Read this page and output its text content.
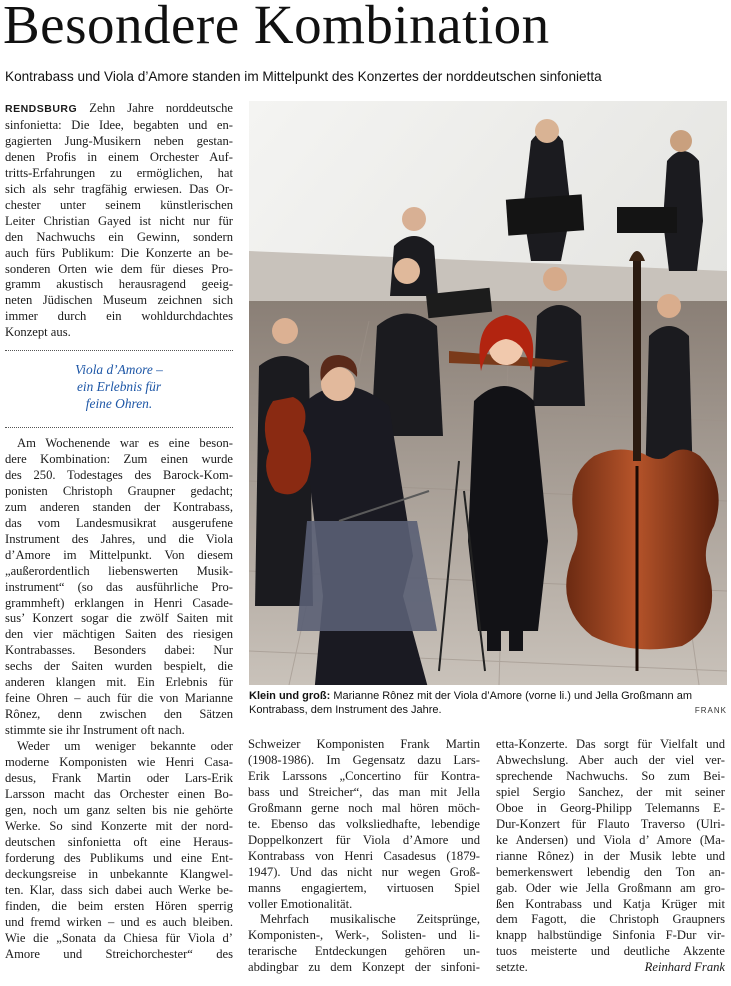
Besondere Kombination

Kontrabass und Viola d’Amore standen im Mittelpunkt des Konzertes der norddeutschen sinfonietta

RENDSBURG Zehn Jahre norddeutsche
sinfonietta: Die Idee, begabten und en-
gagierten Jung-Musikern neben gestan-
denen Profis in einem Orchester Auf-
tritts-Erfahrungen zu ermöglichen, hat
sich als sehr tragfähig erwiesen. Das Or-
chester unter seinem künstlerischen
Leiter Christian Gayed ist nicht nur für
den Nachwuchs ein Gewinn, sondern
auch fürs Publikum: Die Konzerte an be-
sonderen Orten wie dem für dieses Pro-
gramm akustisch herausragend geeig-
neten Jüdischen Museum zeichnen sich
immer durch ein wohldurchdachtes
Konzept aus.
Viola d’Amore –
ein Erlebnis für
feine Ohren.
Am Wochenende war es eine beson-
dere Kombination: Zum einen wurde
des 250. Todestages des Barock-Kom-
ponisten Christoph Graupner gedacht;
zum anderen standen der Kontrabass,
das vom Landesmusikrat ausgerufene
Instrument des Jahres, und die Viola
d’Amore im Mittelpunkt. Von diesem
„außerordentlich liebenswerten Musik-
instrument“ (so das ausführliche Pro-
grammheft) erklangen in Henri Casade-
sus’ Konzert sogar die zwölf Saiten mit
den vier mächtigen Saiten des riesigen
Kontrabasses. Besonders dabei: Nur
sechs der Saiten wurden bespielt, die
anderen klangen mit. Ein Erlebnis für
feine Ohren – auch für die von Marianne
Rônez, denn zwischen den Sätzen
stimmte sie ihr Instrument oft nach.
Weder um weniger bekannte oder
moderne Komponisten wie Henri Casa-
desus, Frank Martin oder Lars-Erik
Larsson macht das Orchester einen Bo-
gen, noch um ganz selten bis nie gehörte
Werke. So sind Konzerte mit der nord-
deutschen sinfonietta oft eine Heraus-
forderung des Publikums und eine Ent-
deckungsreise in unbekannte Klangwel-
ten. Klar, dass sich dabei auch Werke be-
finden, die beim ersten Hören sperrig
und fremd wirken – und es auch bleiben.
Wie die „Sonata da Chiesa für Viola d’
Amore und Streichorchester“ des
Klein und groß: Marianne Rônez mit der Viola d’Amore (vorne li.) und Jella Großmann am Kontrabass, dem Instrument des Jahre.	FRANK
Schweizer Komponisten Frank Martin
(1908-1986). Im Gegensatz dazu Lars-
Erik Larssons „Concertino für Kontra-
bass und Streicher“, das man mit Jella
Großmann gerne noch mal hören möch-
te. Ebenso das volksliedhafte, lebendige
Doppelkonzert für Viola d’Amore und
Kontrabass von Henri Casadesus (1879-
1947). Und das nicht nur wegen Groß-
manns engagiertem, virtuosen Spiel
voller Emotionalität.
Mehrfach musikalische Zeitsprünge,
Komponisten-, Werk-, Solisten- und li-
terarische Entdeckungen gehören un-
abdingbar zu dem Konzept der sinfoni-
etta-Konzerte. Das sorgt für Vielfalt und
Abwechslung. Aber auch der viel ver-
sprechende Nachwuchs. So zum Bei-
spiel Sergio Sanchez, der mit seiner
Oboe in Georg-Philipp Telemanns E-
Dur-Konzert für Flauto Traverso (Ulri-
ke Andersen) und Viola d’ Amore (Ma-
rianne Rônez) in der Musik lebte und
bemerkenswert lebendig den Ton an-
gab. Oder wie Jella Großmann am gro-
ßen Kontrabass und Katja Krüger mit
dem Fagott, die Christoph Graupners
knapp halbstündige Sinfonia F-Dur vir-
tuos meisterte und deutliche Akzente
setzte.	Reinhard Frank
